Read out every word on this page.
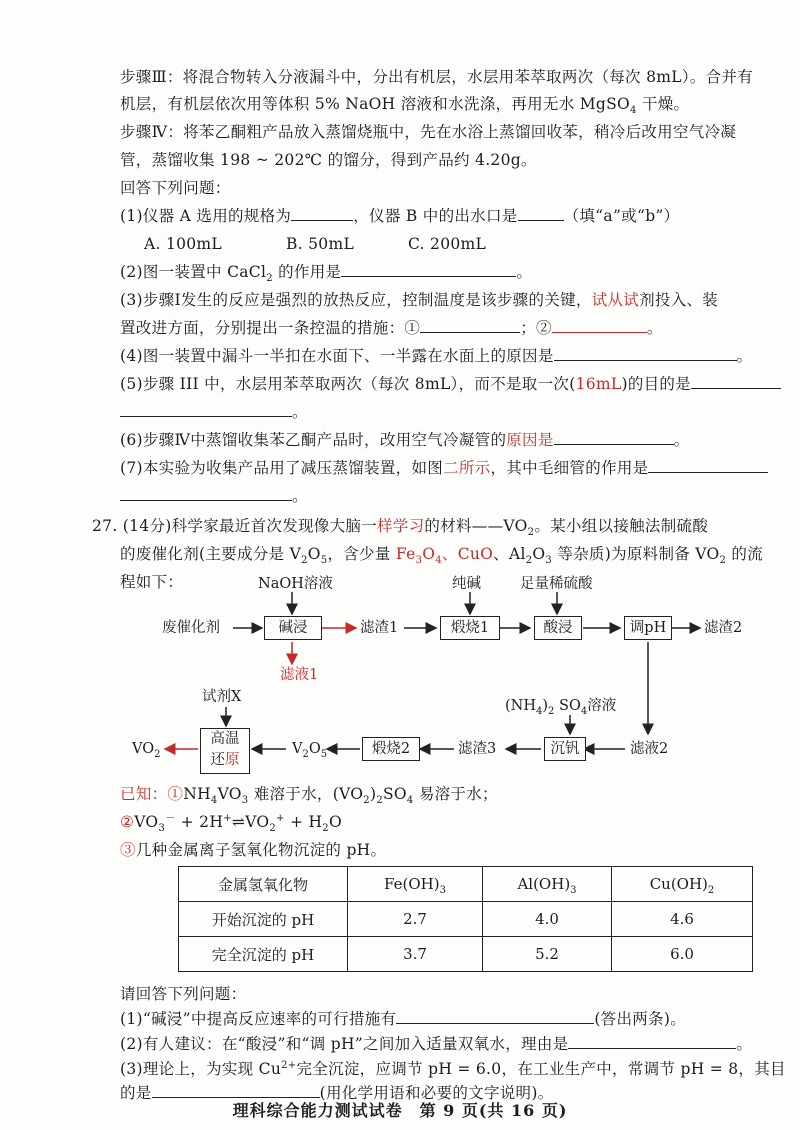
步骤Ⅲ：将混合物转入分液漏斗中，分出有机层，水层用苯萃取两次（每次 8mL）。合并有
机层，有机层依次用等体积 5% NaOH 溶液和水洗涤，再用无水 MgSO$_4$ 干燥。
步骤Ⅳ：将苯乙酮粗产品放入蒸馏烧瓶中，先在水浴上蒸馏回收苯，稍冷后改用空气冷凝
管，蒸馏收集 198 ~ 202℃ 的馏分，得到产品约 4.20g。
回答下列问题：
(1)仪器 A 选用的规格为	，仪器 B 中的出水口是	（填“a”或“b”）
A. 100mL	B. 50mL	C. 200mL
(2)图一装置中 CaCl$_2$ 的作用是	。
(3)步骤Ⅰ发生的反应是强烈的放热反应，控制温度是该步骤的关键，试从试剂投入、装
置改进方面，分别提出一条控温的措施：①	；②	。
(4)图一装置中漏斗一半扣在水面下、一半露在水面上的原因是	。
(5)步骤 III 中，水层用苯萃取两次（每次 8mL），而不是取一次(16mL)的目的是
。
(6)步骤Ⅳ中蒸馏收集苯乙酮产品时，改用空气冷凝管的原因是	。
(7)本实验为收集产品用了减压蒸馏装置，如图二所示，其中毛细管的作用是
。
27. (14分)科学家最近首次发现像大脑一样学习的材料$——VO_2$。某小组以接触法制硫酸
的废催化剂(主要成分是 $V_2O_5$，含少量 $Fe_3O_4$、CuO、$Al_2O_3$ 等杂质)为原料制备 $VO_2$ 的流
程如下：	NaOH溶液	纯碱	足量稀硫酸
废催化剂	碱浸	滤渣1	煅烧1	酸浸	调pH	滤渣2
滤液1
试剂X
$(NH_4)_2$ $SO_4$溶液
$VO_2$
高温
还原
$V_2O_5$	煅烧2	滤渣3	沉钒	滤液2
已知：$①NH_4VO_3$ 难溶于水，$(VO_2)_2SO_4$ 易溶于水；
$②VO_3^-$ + $2H^+\rightleftharpoons VO_2^+ + H_2O$
③几种金属离子氢氧化物沉淀的 pH。
金属氢氧化物	$Fe(OH)_3$	$Al(OH)_3$	$Cu(OH)_2$
开始沉淀的 pH	2.7	4.0	4.6
完全沉淀的 pH	3.7	5.2	6.0
请回答下列问题：
(1)“碱浸”中提高反应速率的可行措施有	(答出两条)。
(2)有人建议：在“酸浸”和“调 pH”之间加入适量双氧水，理由是	。
(3)理论上，为实现 $Cu^{2+}$完全沉淀，应调节 pH = 6.0，在工业生产中，常调节 pH = 8，其目
的是	(用化学用语和必要的文字说明)。
理科综合能力测试试卷　第 9 页(共 16 页)
